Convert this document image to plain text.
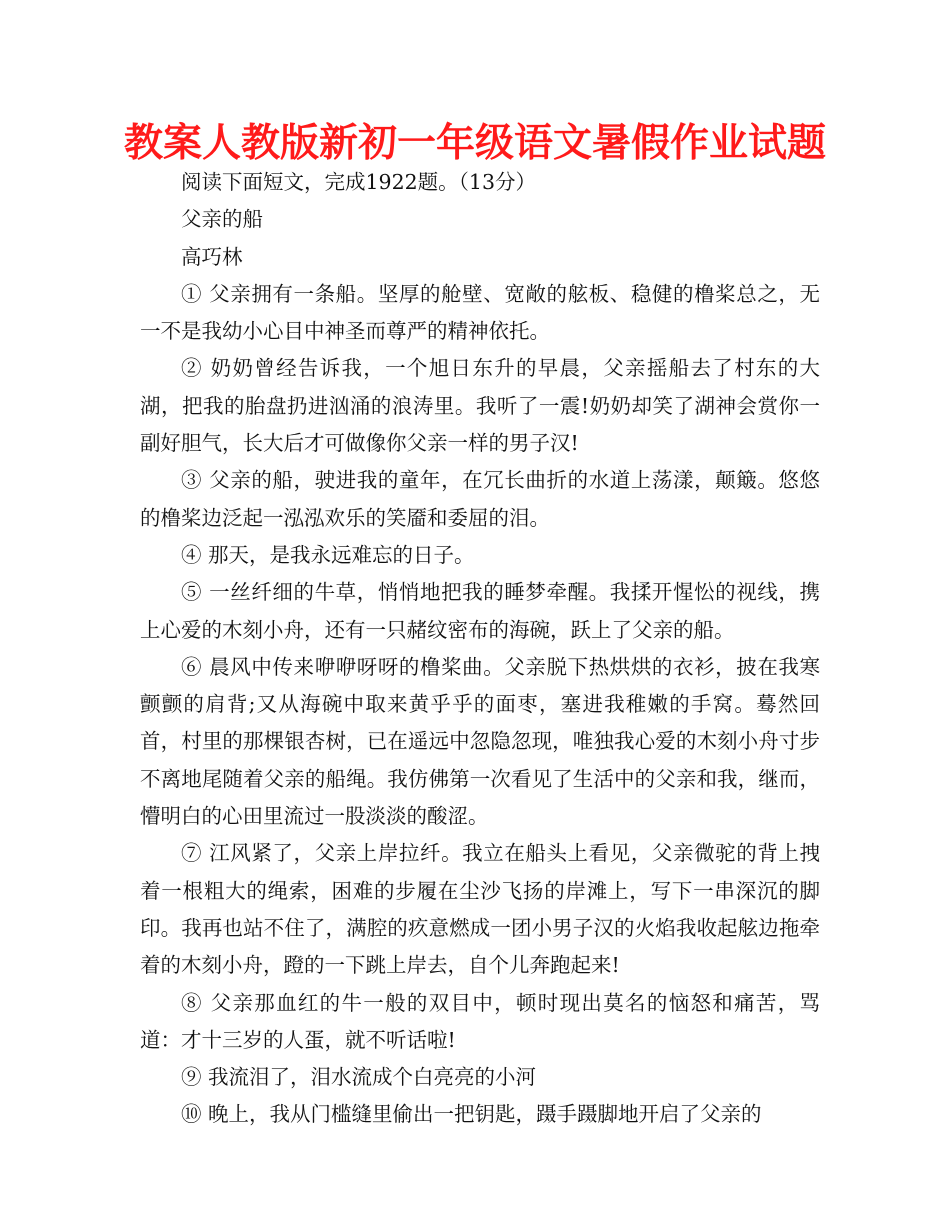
教案人教版新初一年级语文暑假作业试题

阅读下面短文，完成1922题。（13分）

父亲的船

高巧林

① 父亲拥有一条船。坚厚的舱壁、宽敞的舷板、稳健的橹桨总之，无一不是我幼小心目中神圣而尊严的精神依托。

② 奶奶曾经告诉我，一个旭日东升的早晨，父亲摇船去了村东的大湖，把我的胎盘扔进汹涌的浪涛里。我听了一震!奶奶却笑了湖神会赏你一副好胆气，长大后才可做像你父亲一样的男子汉!

③ 父亲的船，驶进我的童年，在冗长曲折的水道上荡漾，颠簸。悠悠的橹桨边泛起一泓泓欢乐的笑靥和委屈的泪。

④ 那天，是我永远难忘的日子。

⑤ 一丝纤细的牛草，悄悄地把我的睡梦牵醒。我揉开惺忪的视线，携上心爱的木刻小舟，还有一只赭纹密布的海碗，跃上了父亲的船。

⑥ 晨风中传来咿咿呀呀的橹桨曲。父亲脱下热烘烘的衣衫，披在我寒颤颤的肩背;又从海碗中取来黄乎乎的面枣，塞进我稚嫩的手窝。蓦然回首，村里的那棵银杏树，已在遥远中忽隐忽现，唯独我心爱的木刻小舟寸步不离地尾随着父亲的船绳。我仿佛第一次看见了生活中的父亲和我，继而，懵明白的心田里流过一股淡淡的酸涩。

⑦ 江风紧了，父亲上岸拉纤。我立在船头上看见，父亲微驼的背上拽着一根粗大的绳索，困难的步履在尘沙飞扬的岸滩上，写下一串深沉的脚印。我再也站不住了，满腔的疚意燃成一团小男子汉的火焰我收起舷边拖牵着的木刻小舟，蹬的一下跳上岸去，自个儿奔跑起来!

⑧ 父亲那血红的牛一般的双目中，顿时现出莫名的恼怒和痛苦，骂道：才十三岁的人蛋，就不听话啦!

⑨ 我流泪了，泪水流成个白亮亮的小河

⑩ 晚上，我从门槛缝里偷出一把钥匙，蹑手蹑脚地开启了父亲的
